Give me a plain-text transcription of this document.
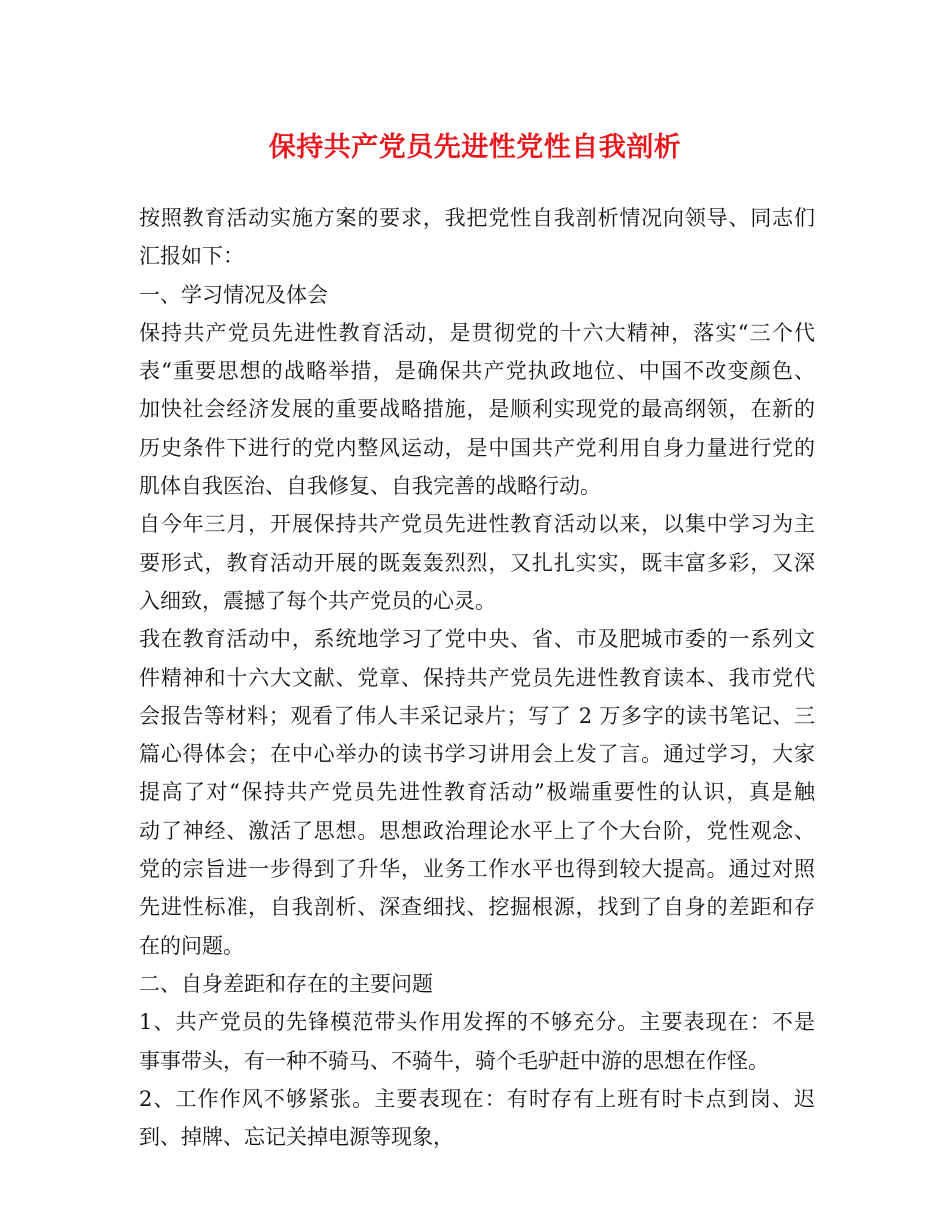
保持共产党员先进性党性自我剖析
按照教育活动实施方案的要求，我把党性自我剖析情况向领导、同志们
汇报如下：
一、学习情况及体会
保持共产党员先进性教育活动，是贯彻党的十六大精神，落实“三个代
表“重要思想的战略举措，是确保共产党执政地位、中国不改变颜色、
加快社会经济发展的重要战略措施，是顺利实现党的最高纲领，在新的
历史条件下进行的党内整风运动，是中国共产党利用自身力量进行党的
肌体自我医治、自我修复、自我完善的战略行动。
自今年三月，开展保持共产党员先进性教育活动以来，以集中学习为主
要形式，教育活动开展的既轰轰烈烈，又扎扎实实，既丰富多彩，又深
入细致，震撼了每个共产党员的心灵。
我在教育活动中，系统地学习了党中央、省、市及肥城市委的一系列文
件精神和十六大文献、党章、保持共产党员先进性教育读本、我市党代
会报告等材料；观看了伟人丰采记录片；写了 2 万多字的读书笔记、三
篇心得体会；在中心举办的读书学习讲用会上发了言。通过学习，大家
提高了对“保持共产党员先进性教育活动”极端重要性的认识，真是触
动了神经、激活了思想。思想政治理论水平上了个大台阶，党性观念、
党的宗旨进一步得到了升华，业务工作水平也得到较大提高。通过对照
先进性标准，自我剖析、深查细找、挖掘根源，找到了自身的差距和存
在的问题。
二、自身差距和存在的主要问题
1、共产党员的先锋模范带头作用发挥的不够充分。主要表现在：不是
事事带头，有一种不骑马、不骑牛，骑个毛驴赶中游的思想在作怪。
2、工作作风不够紧张。主要表现在：有时存有上班有时卡点到岗、迟
到、掉牌、忘记关掉电源等现象，
